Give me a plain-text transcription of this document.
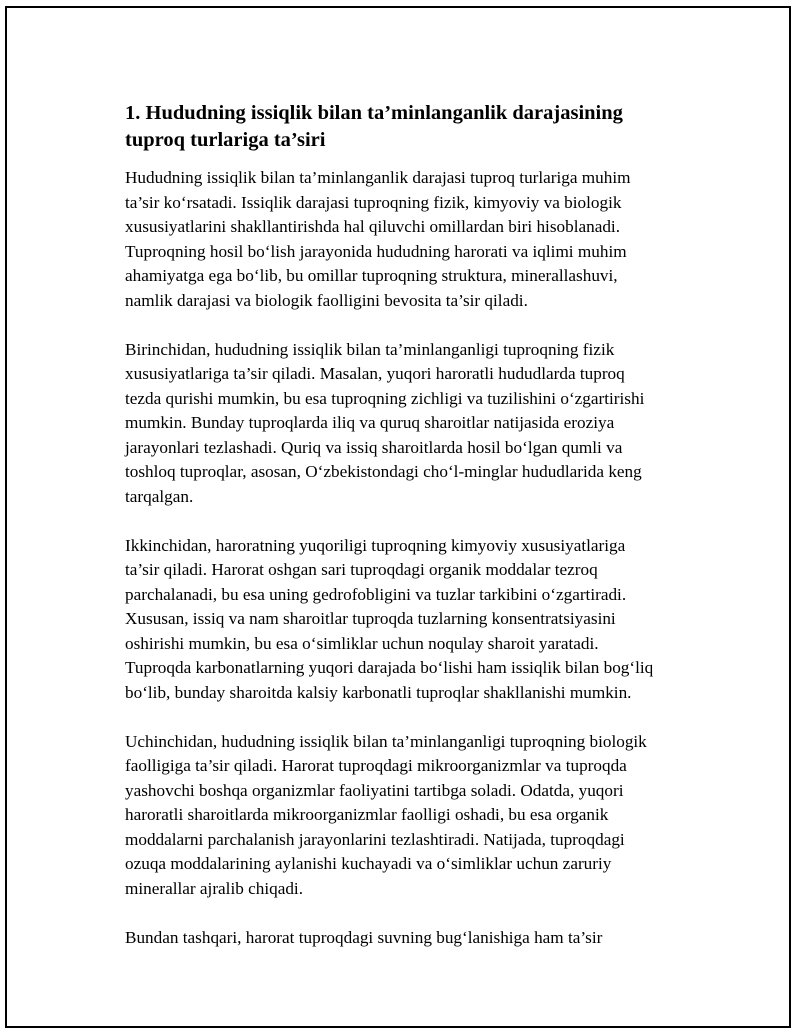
1. Hududning issiqlik bilan ta’minlanganlik darajasining
tuproq turlariga ta’siri

Hududning issiqlik bilan ta’minlanganlik darajasi tuproq turlariga muhim
ta’sir ko‘rsatadi. Issiqlik darajasi tuproqning fizik, kimyoviy va biologik
xususiyatlarini shakllantirishda hal qiluvchi omillardan biri hisoblanadi.
Tuproqning hosil bo‘lish jarayonida hududning harorati va iqlimi muhim
ahamiyatga ega bo‘lib, bu omillar tuproqning struktura, minerallashuvi,
namlik darajasi va biologik faolligini bevosita ta’sir qiladi.

Birinchidan, hududning issiqlik bilan ta’minlanganligi tuproqning fizik
xususiyatlariga ta’sir qiladi. Masalan, yuqori haroratli hududlarda tuproq
tezda qurishi mumkin, bu esa tuproqning zichligi va tuzilishini o‘zgartirishi
mumkin. Bunday tuproqlarda iliq va quruq sharoitlar natijasida eroziya
jarayonlari tezlashadi. Quriq va issiq sharoitlarda hosil bo‘lgan qumli va
toshloq tuproqlar, asosan, O‘zbekistondagi cho‘l-minglar hududlarida keng
tarqalgan.

Ikkinchidan, haroratning yuqoriligi tuproqning kimyoviy xususiyatlariga
ta’sir qiladi. Harorat oshgan sari tuproqdagi organik moddalar tezroq
parchalanadi, bu esa uning gedrofobligini va tuzlar tarkibini o‘zgartiradi.
Xususan, issiq va nam sharoitlar tuproqda tuzlarning konsentratsiyasini
oshirishi mumkin, bu esa o‘simliklar uchun noqulay sharoit yaratadi.
Tuproqda karbonatlarning yuqori darajada bo‘lishi ham issiqlik bilan bog‘liq
bo‘lib, bunday sharoitda kalsiy karbonatli tuproqlar shakllanishi mumkin.

Uchinchidan, hududning issiqlik bilan ta’minlanganligi tuproqning biologik
faolligiga ta’sir qiladi. Harorat tuproqdagi mikroorganizmlar va tuproqda
yashovchi boshqa organizmlar faoliyatini tartibga soladi. Odatda, yuqori
haroratli sharoitlarda mikroorganizmlar faolligi oshadi, bu esa organik
moddalarni parchalanish jarayonlarini tezlashtiradi. Natijada, tuproqdagi
ozuqa moddalarining aylanishi kuchayadi va o‘simliklar uchun zaruriy
minerallar ajralib chiqadi.

Bundan tashqari, harorat tuproqdagi suvning bug‘lanishiga ham ta’sir
